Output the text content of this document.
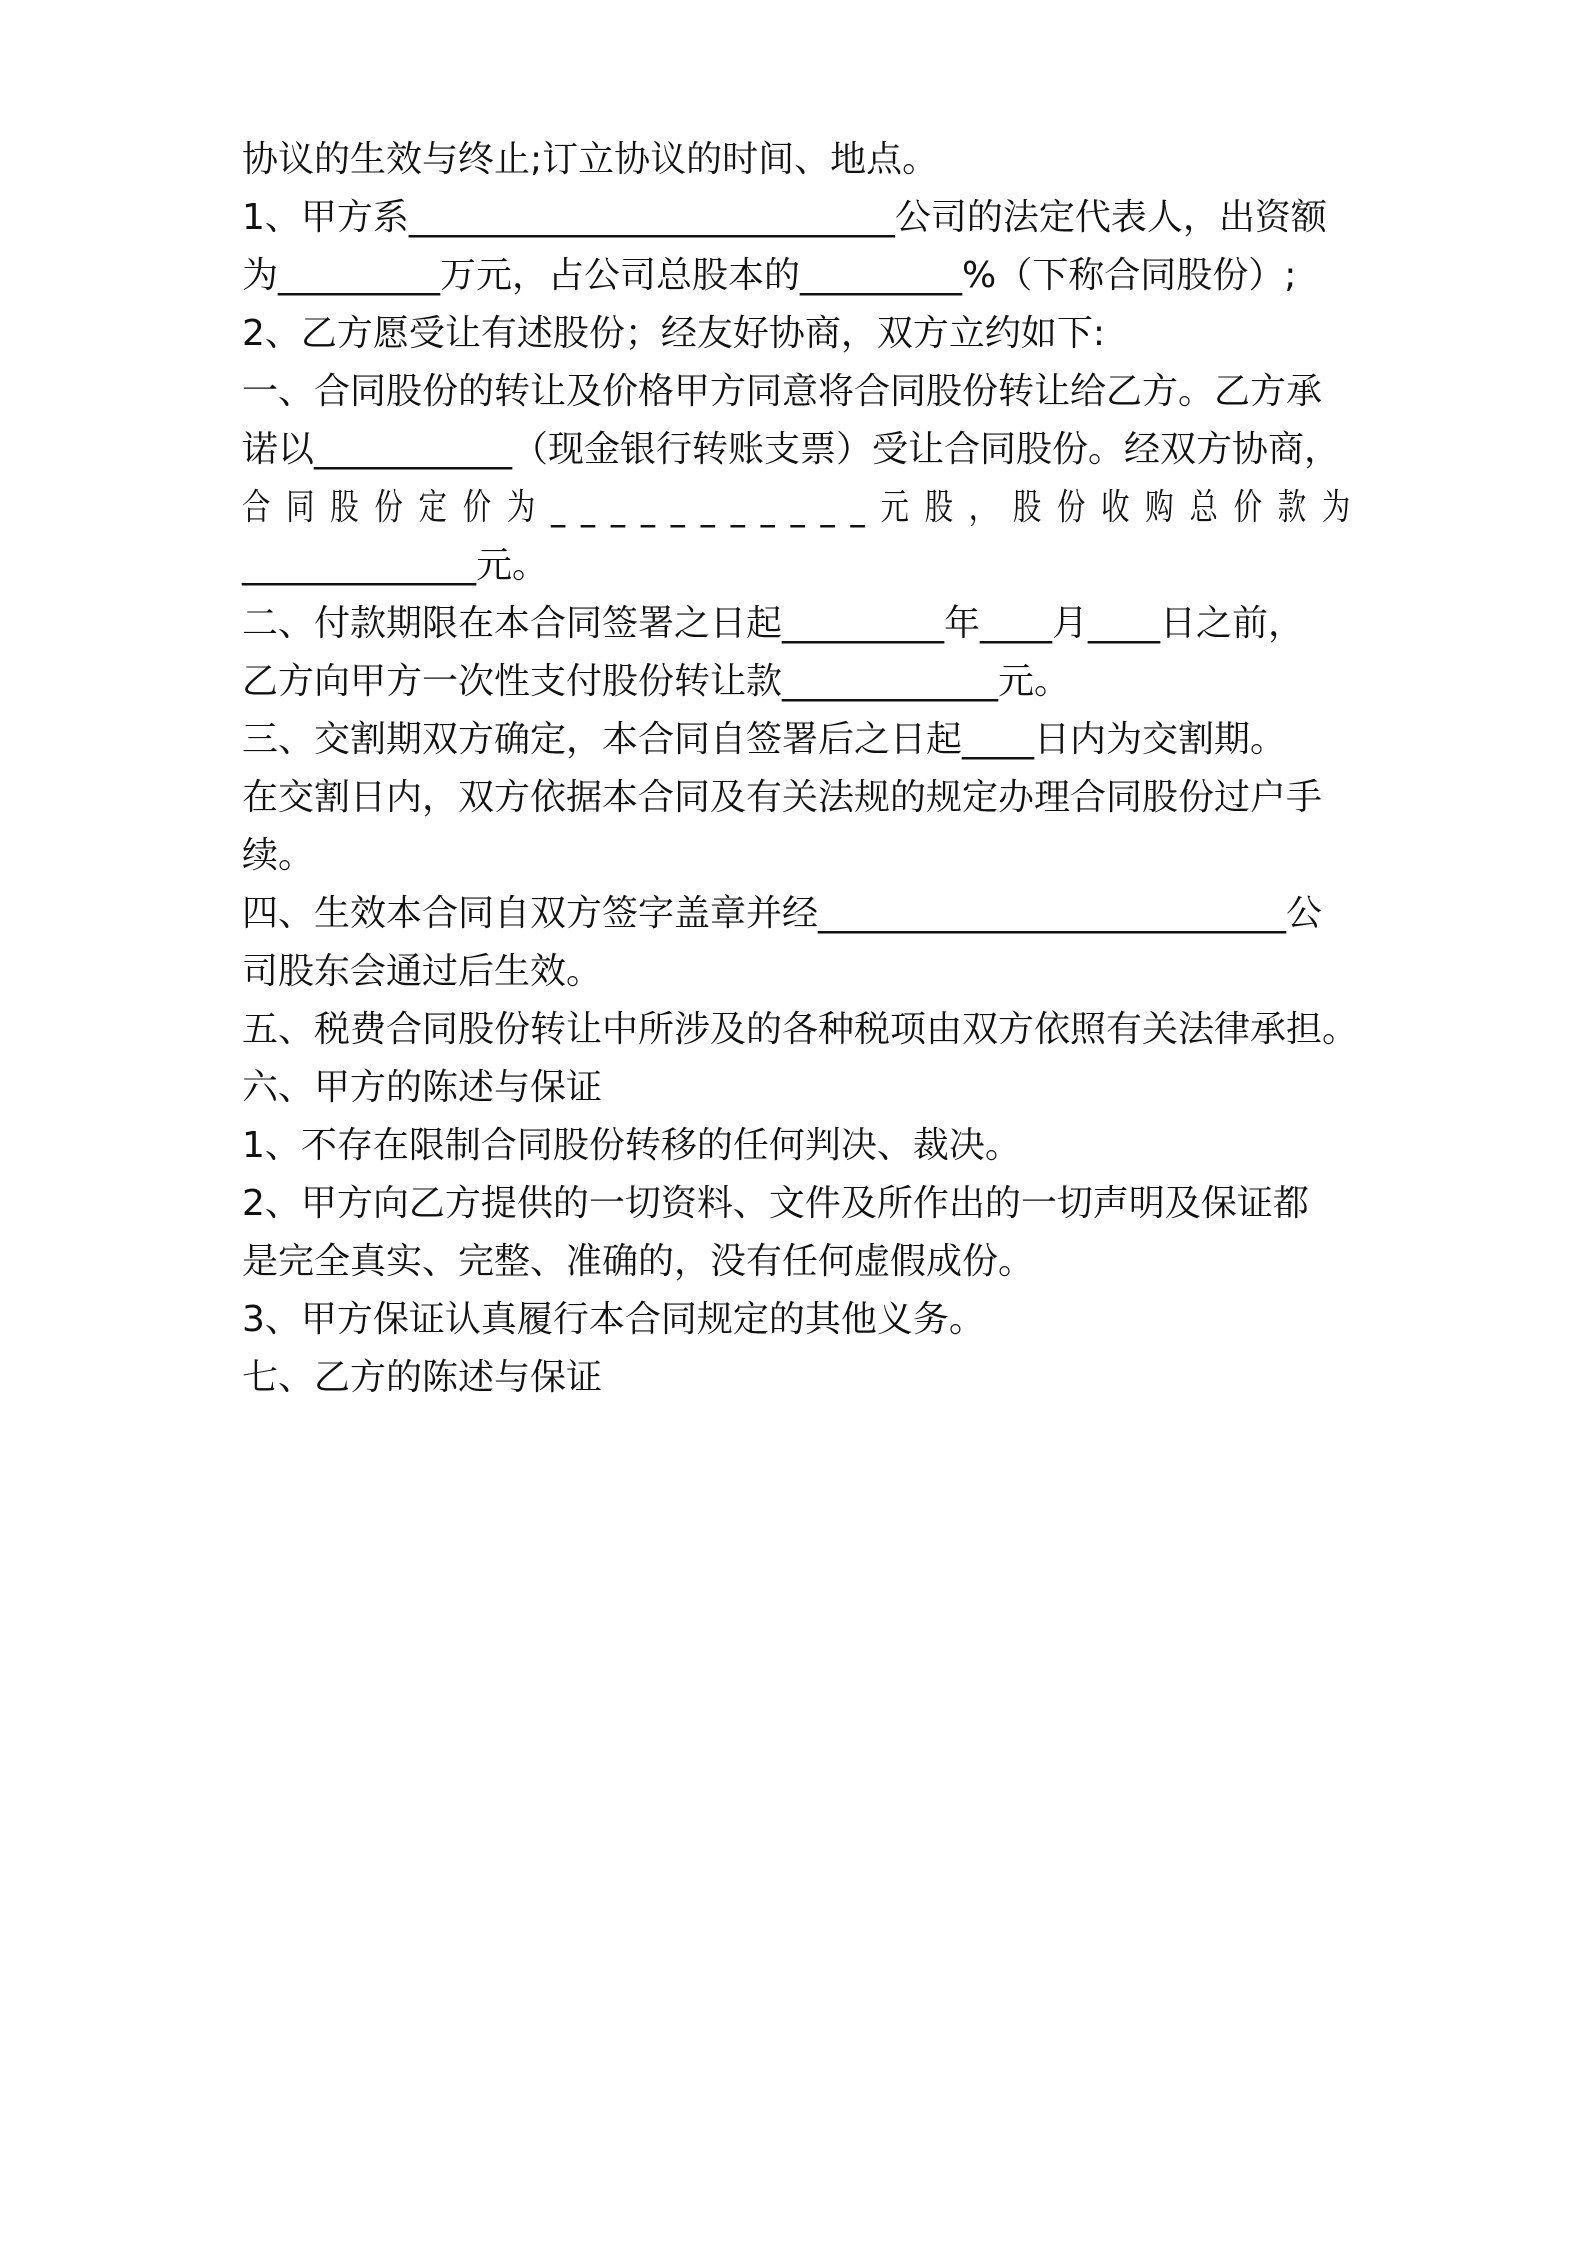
协议的生效与终止;订立协议的时间、地点。
1、甲方系___________________________公司的法定代表人，出资额
为_________万元，占公司总股本的_________%（下称合同股份）;
2、乙方愿受让有述股份；经友好协商，双方立约如下:
一、合同股份的转让及价格甲方同意将合同股份转让给乙方。乙方承
诺以___________（现金银行转账支票）受让合同股份。经双方协商，
合同股份定价为___________元股，股份收购总价款为
_____________元。
二、付款期限在本合同签署之日起_________年____月____日之前，
乙方向甲方一次性支付股份转让款____________元。
三、交割期双方确定，本合同自签署后之日起____日内为交割期。
在交割日内，双方依据本合同及有关法规的规定办理合同股份过户手
续。
四、生效本合同自双方签字盖章并经__________________________公
司股东会通过后生效。
五、税费合同股份转让中所涉及的各种税项由双方依照有关法律承担。
六、甲方的陈述与保证
1、不存在限制合同股份转移的任何判决、裁决。
2、甲方向乙方提供的一切资料、文件及所作出的一切声明及保证都
是完全真实、完整、准确的，没有任何虚假成份。
3、甲方保证认真履行本合同规定的其他义务。
七、乙方的陈述与保证
